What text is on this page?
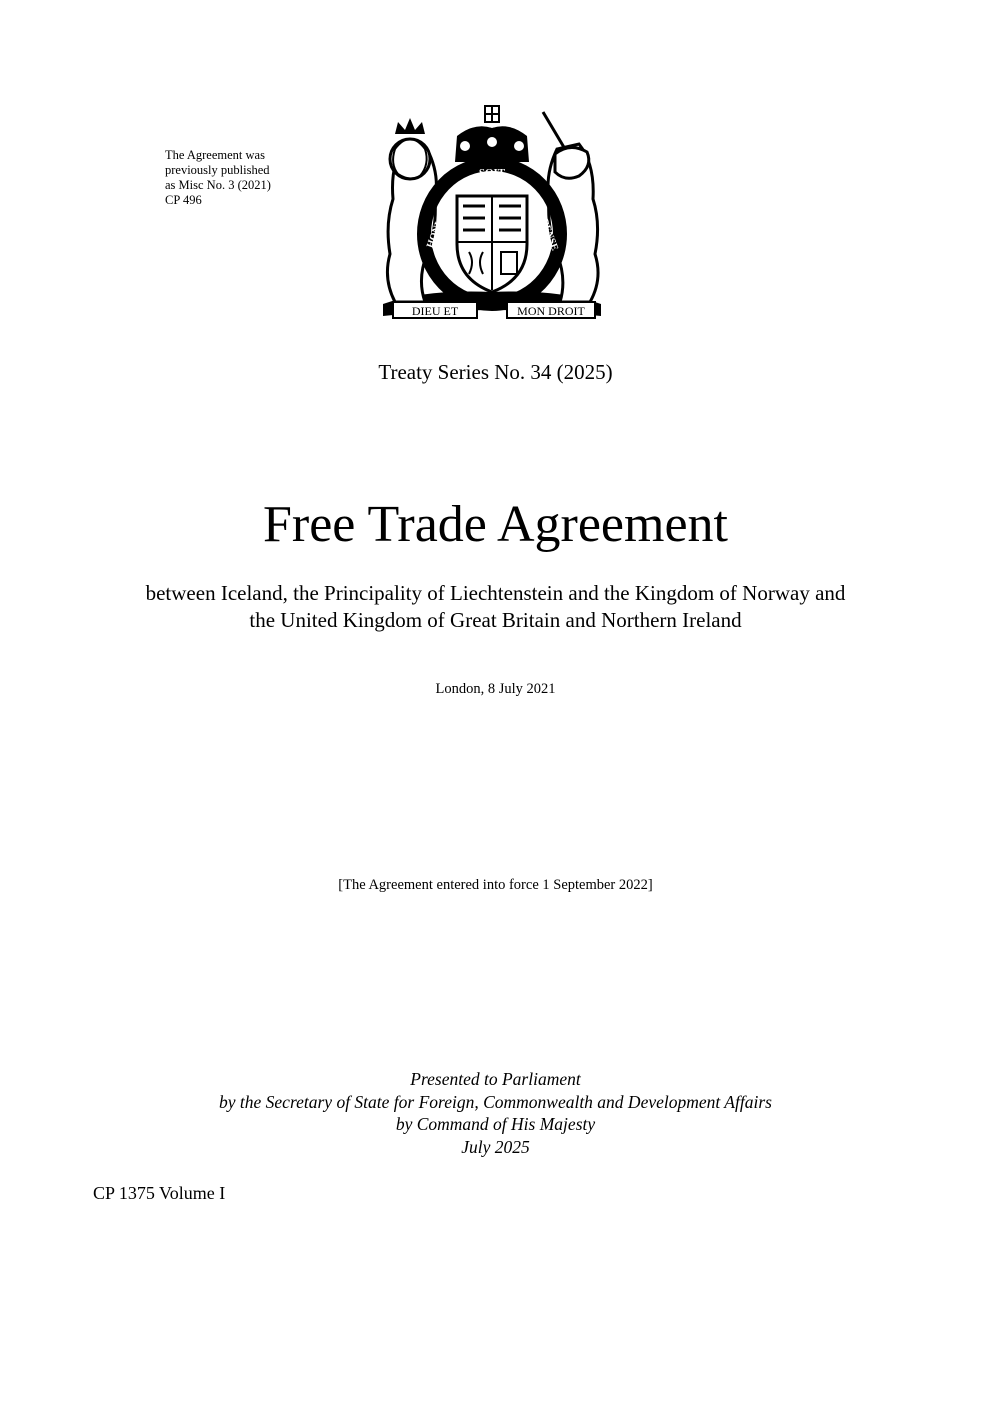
The Agreement was
previously published
as Misc No. 3 (2021)
CP 496
DIEU ET	MON DROIT
SOIT
HONI	PENSE
Treaty Series No. 34 (2025)
Free Trade Agreement
between Iceland, the Principality of Liechtenstein and the Kingdom of Norway and
the United Kingdom of Great Britain and Northern Ireland
London, 8 July 2021
[The Agreement entered into force 1 September 2022]
Presented to Parliament
by the Secretary of State for Foreign, Commonwealth and Development Affairs
by Command of His Majesty
July 2025
CP 1375 Volume I
